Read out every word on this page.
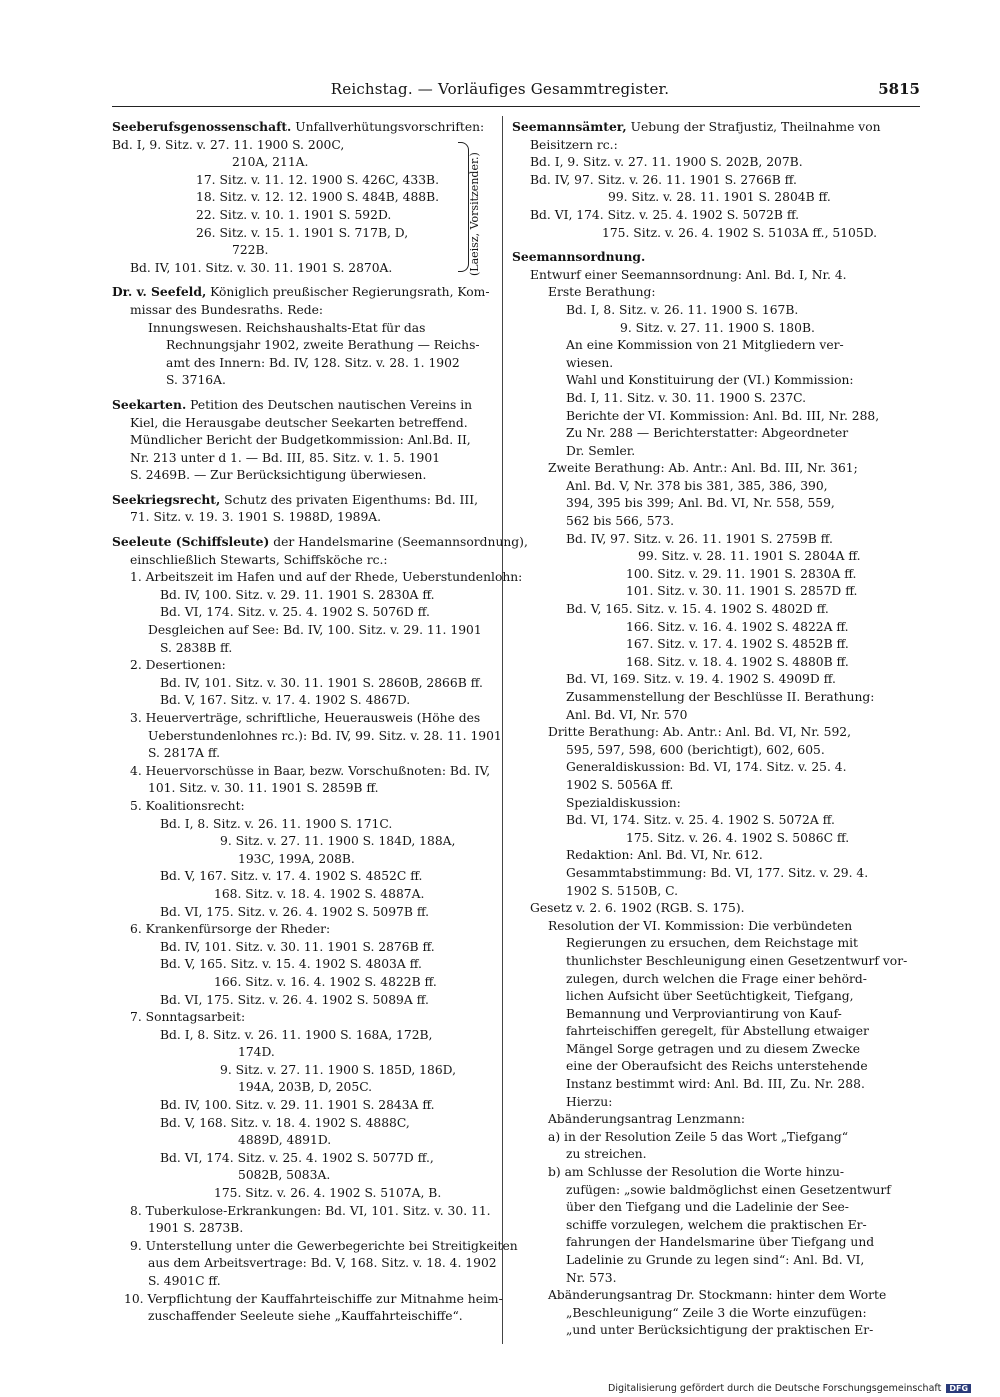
Reichstag. — Vorläufiges Gesammtregister.	5815
Seeberufsgenossenschaft. Unfallverhütungsvorschriften:
Bd. I, 9. Sitz. v. 27. 11. 1900 S. 200C,
210A, 211A.
17. Sitz. v. 11. 12. 1900 S. 426C, 433B.
18. Sitz. v. 12. 12. 1900 S. 484B, 488B.
22. Sitz. v. 10. 1. 1901 S. 592D.
26. Sitz. v. 15. 1. 1901 S. 717B, D,
722B.
Bd. IV, 101. Sitz. v. 30. 11. 1901 S. 2870A.
Dr. v. Seefeld, Königlich preußischer Regierungsrath, Kom-
missar des Bundesraths. Rede:
Innungswesen. Reichshaushalts-Etat für das
Rechnungsjahr 1902, zweite Berathung — Reichs-
amt des Innern: Bd. IV, 128. Sitz. v. 28. 1. 1902
S. 3716A.
Seekarten. Petition des Deutschen nautischen Vereins in
Kiel, die Herausgabe deutscher Seekarten betreffend.
Mündlicher Bericht der Budgetkommission: Anl.Bd. II,
Nr. 213 unter d 1. — Bd. III, 85. Sitz. v. 1. 5. 1901
S. 2469B. — Zur Berücksichtigung überwiesen.
Seekriegsrecht, Schutz des privaten Eigenthums: Bd. III,
71. Sitz. v. 19. 3. 1901 S. 1988D, 1989A.
Seeleute (Schiffsleute) der Handelsmarine (Seemannsordnung),
einschließlich Stewarts, Schiffsköche rc.:
1. Arbeitszeit im Hafen und auf der Rhede, Ueberstundenlohn:
Bd. IV, 100. Sitz. v. 29. 11. 1901 S. 2830A ff.
Bd. VI, 174. Sitz. v. 25. 4. 1902 S. 5076D ff.
Desgleichen auf See: Bd. IV, 100. Sitz. v. 29. 11. 1901
S. 2838B ff.
2. Desertionen:
Bd. IV, 101. Sitz. v. 30. 11. 1901 S. 2860B, 2866B ff.
Bd. V, 167. Sitz. v. 17. 4. 1902 S. 4867D.
3. Heuerverträge, schriftliche, Heuerausweis (Höhe des
Ueberstundenlohnes rc.): Bd. IV, 99. Sitz. v. 28. 11. 1901
S. 2817A ff.
4. Heuervorschüsse in Baar, bezw. Vorschußnoten: Bd. IV,
101. Sitz. v. 30. 11. 1901 S. 2859B ff.
5. Koalitionsrecht:
Bd. I, 8. Sitz. v. 26. 11. 1900 S. 171C.
9. Sitz. v. 27. 11. 1900 S. 184D, 188A,
193C, 199A, 208B.
Bd. V, 167. Sitz. v. 17. 4. 1902 S. 4852C ff.
168. Sitz. v. 18. 4. 1902 S. 4887A.
Bd. VI, 175. Sitz. v. 26. 4. 1902 S. 5097B ff.
6. Krankenfürsorge der Rheder:
Bd. IV, 101. Sitz. v. 30. 11. 1901 S. 2876B ff.
Bd. V, 165. Sitz. v. 15. 4. 1902 S. 4803A ff.
166. Sitz. v. 16. 4. 1902 S. 4822B ff.
Bd. VI, 175. Sitz. v. 26. 4. 1902 S. 5089A ff.
7. Sonntagsarbeit:
Bd. I, 8. Sitz. v. 26. 11. 1900 S. 168A, 172B,
174D.
9. Sitz. v. 27. 11. 1900 S. 185D, 186D,
194A, 203B, D, 205C.
Bd. IV, 100. Sitz. v. 29. 11. 1901 S. 2843A ff.
Bd. V, 168. Sitz. v. 18. 4. 1902 S. 4888C,
4889D, 4891D.
Bd. VI, 174. Sitz. v. 25. 4. 1902 S. 5077D ff.,
5082B, 5083A.
175. Sitz. v. 26. 4. 1902 S. 5107A, B.
8. Tuberkulose-Erkrankungen: Bd. VI, 101. Sitz. v. 30. 11.
1901 S. 2873B.
9. Unterstellung unter die Gewerbegerichte bei Streitigkeiten
aus dem Arbeitsvertrage: Bd. V, 168. Sitz. v. 18. 4. 1902
S. 4901C ff.
10. Verpflichtung der Kauffahrteischiffe zur Mitnahme heim-
zuschaffender Seeleute siehe „Kauffahrteischiffe“.
Seemannsämter, Uebung der Strafjustiz, Theilnahme von
Beisitzern rc.:
Bd. I, 9. Sitz. v. 27. 11. 1900 S. 202B, 207B.
Bd. IV, 97. Sitz. v. 26. 11. 1901 S. 2766B ff.
99. Sitz. v. 28. 11. 1901 S. 2804B ff.
Bd. VI, 174. Sitz. v. 25. 4. 1902 S. 5072B ff.
175. Sitz. v. 26. 4. 1902 S. 5103A ff., 5105D.
Seemannsordnung.
Entwurf einer Seemannsordnung: Anl. Bd. I, Nr. 4.
Erste Berathung:
Bd. I, 8. Sitz. v. 26. 11. 1900 S. 167B.
9. Sitz. v. 27. 11. 1900 S. 180B.
An eine Kommission von 21 Mitgliedern ver-
wiesen.
Wahl und Konstituirung der (VI.) Kommission:
Bd. I, 11. Sitz. v. 30. 11. 1900 S. 237C.
Berichte der VI. Kommission: Anl. Bd. III, Nr. 288,
Zu Nr. 288 — Berichterstatter: Abgeordneter
Dr. Semler.
Zweite Berathung: Ab. Antr.: Anl. Bd. III, Nr. 361;
Anl. Bd. V, Nr. 378 bis 381, 385, 386, 390,
394, 395 bis 399; Anl. Bd. VI, Nr. 558, 559,
562 bis 566, 573.
Bd. IV, 97. Sitz. v. 26. 11. 1901 S. 2759B ff.
99. Sitz. v. 28. 11. 1901 S. 2804A ff.
100. Sitz. v. 29. 11. 1901 S. 2830A ff.
101. Sitz. v. 30. 11. 1901 S. 2857D ff.
Bd. V, 165. Sitz. v. 15. 4. 1902 S. 4802D ff.
166. Sitz. v. 16. 4. 1902 S. 4822A ff.
167. Sitz. v. 17. 4. 1902 S. 4852B ff.
168. Sitz. v. 18. 4. 1902 S. 4880B ff.
Bd. VI, 169. Sitz. v. 19. 4. 1902 S. 4909D ff.
Zusammenstellung der Beschlüsse II. Berathung:
Anl. Bd. VI, Nr. 570
Dritte Berathung: Ab. Antr.: Anl. Bd. VI, Nr. 592,
595, 597, 598, 600 (berichtigt), 602, 605.
Generaldiskussion: Bd. VI, 174. Sitz. v. 25. 4.
1902 S. 5056A ff.
Spezialdiskussion:
Bd. VI, 174. Sitz. v. 25. 4. 1902 S. 5072A ff.
175. Sitz. v. 26. 4. 1902 S. 5086C ff.
Redaktion: Anl. Bd. VI, Nr. 612.
Gesammtabstimmung: Bd. VI, 177. Sitz. v. 29. 4.
1902 S. 5150B, C.
Gesetz v. 2. 6. 1902 (RGB. S. 175).
Resolution der VI. Kommission: Die verbündeten
Regierungen zu ersuchen, dem Reichstage mit
thunlichster Beschleunigung einen Gesetzentwurf vor-
zulegen, durch welchen die Frage einer behörd-
lichen Aufsicht über Seetüchtigkeit, Tiefgang,
Bemannung und Verproviantirung von Kauf-
fahrteischiffen geregelt, für Abstellung etwaiger
Mängel Sorge getragen und zu diesem Zwecke
eine der Oberaufsicht des Reichs unterstehende
Instanz bestimmt wird: Anl. Bd. III, Zu. Nr. 288.
Hierzu:
Abänderungsantrag Lenzmann:
a) in der Resolution Zeile 5 das Wort „Tiefgang“
zu streichen.
b) am Schlusse der Resolution die Worte hinzu-
zufügen: „sowie baldmöglichst einen Gesetzentwurf
über den Tiefgang und die Ladelinie der See-
schiffe vorzulegen, welchem die praktischen Er-
fahrungen der Handelsmarine über Tiefgang und
Ladelinie zu Grunde zu legen sind“: Anl. Bd. VI,
Nr. 573.
Abänderungsantrag Dr. Stockmann: hinter dem Worte
„Beschleunigung“ Zeile 3 die Worte einzufügen:
„und unter Berücksichtigung der praktischen Er-
(Laeisz, Vorsitzender.)
Digitalisierung gefördert durch die Deutsche Forschungsgemeinschaft DFG
